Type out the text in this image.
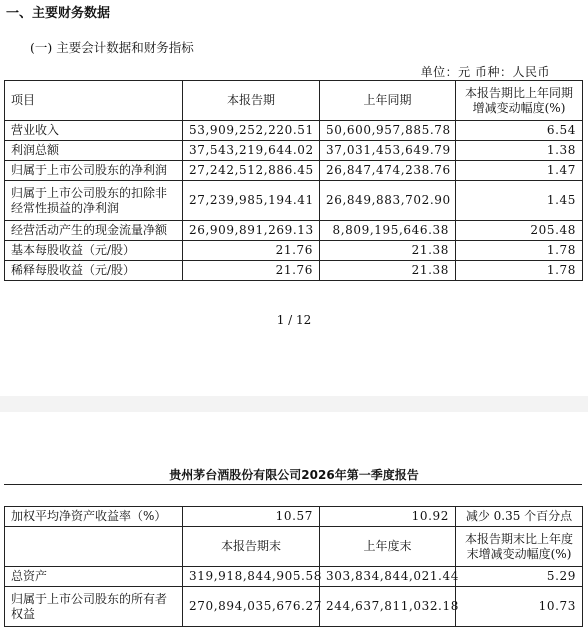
一、主要财务数据
(一) 主要会计数据和财务指标
单位：元 币种：人民币
项目	本报告期	上年同期	本报告期比上年同期增减变动幅度(%)
营业收入	53,909,252,220.51	50,600,957,885.78	6.54
利润总额	37,543,219,644.02	37,031,453,649.79	1.38
归属于上市公司股东的净利润	27,242,512,886.45	26,847,474,238.76	1.47
归属于上市公司股东的扣除非经常性损益的净利润	27,239,985,194.41	26,849,883,702.90	1.45
经营活动产生的现金流量净额	26,909,891,269.13	8,809,195,646.38	205.48
基本每股收益（元/股）	21.76	21.38	1.78
稀释每股收益（元/股）	21.76	21.38	1.78
1 / 12
贵州茅台酒股份有限公司2026年第一季度报告
加权平均净资产收益率（%）	10.57	10.92	减少 0.35 个百分点
	本报告期末	上年度末	本报告期末比上年度末增减变动幅度(%)
总资产	319,918,844,905.58	303,834,844,021.44	5.29
归属于上市公司股东的所有者权益	270,894,035,676.27	244,637,811,032.18	10.73
